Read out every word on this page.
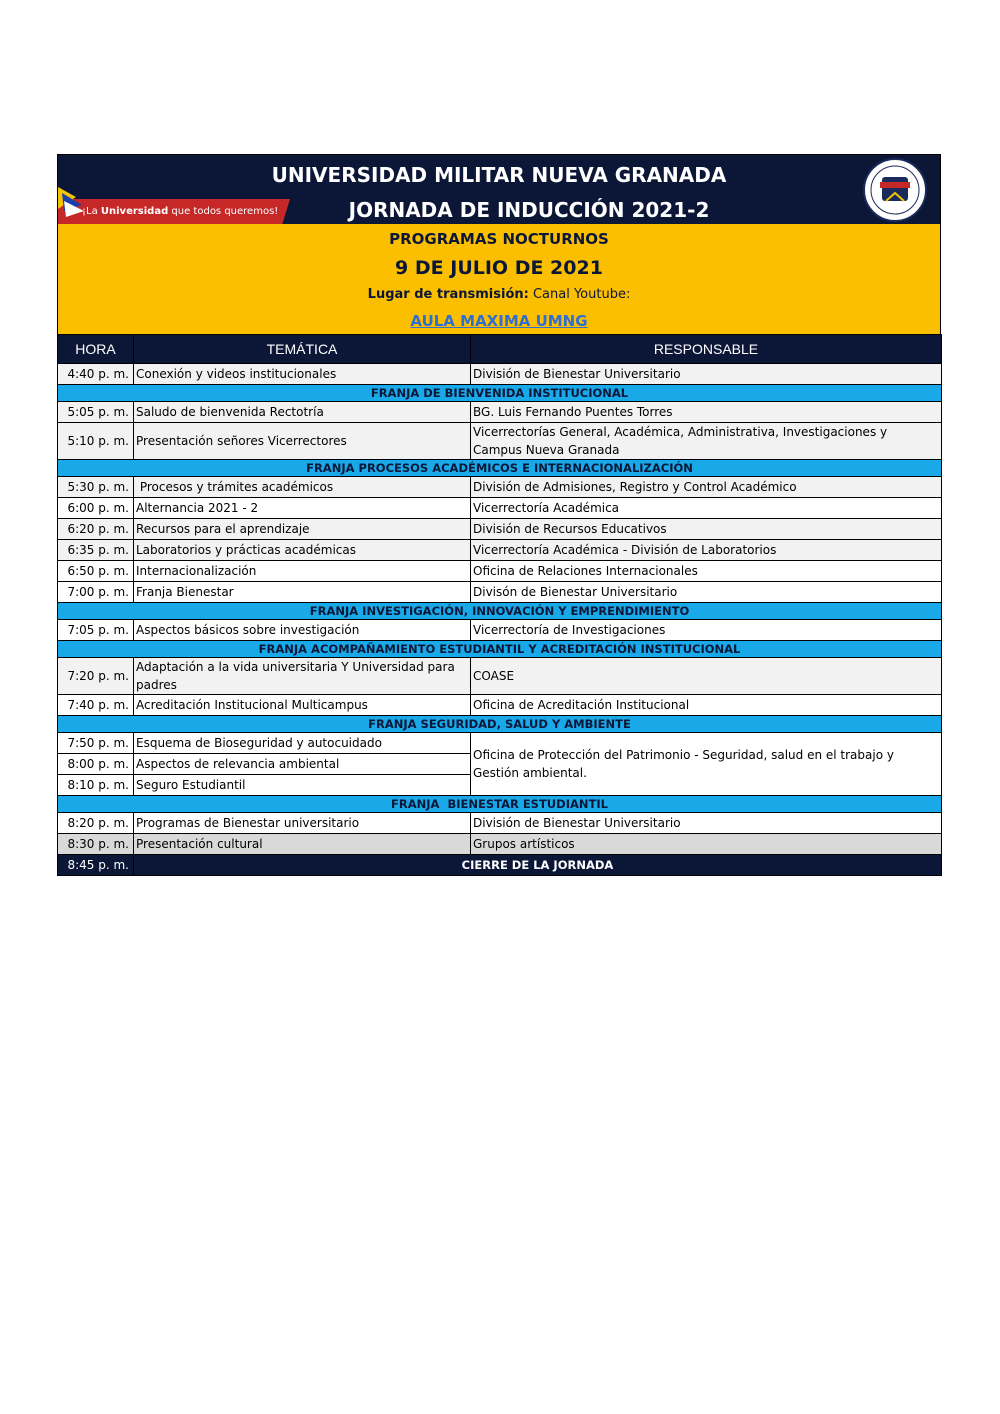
¡La Universidad que todos queremos!
UNIVERSIDAD MILITAR NUEVA GRANADA
JORNADA DE INDUCCIÓN 2021-2
PROGRAMAS NOCTURNOS
9 DE JULIO DE 2021
Lugar de transmisión: Canal Youtube:
AULA MAXIMA UMNG
HORA	TEMÁTICA	RESPONSABLE
4:40 p. m.	Conexión y videos institucionales	División de Bienestar Universitario
FRANJA DE BIENVENIDA INSTITUCIONAL		
5:05 p. m.	Saludo de bienvenida Rectotría	BG. Luis Fernando Puentes Torres
5:10 p. m.	Presentación señores Vicerrectores	Vicerrectorías General, Académica, Administrativa, Investigaciones y Campus Nueva Granada
FRANJA PROCESOS ACADÉMICOS E INTERNACIONALIZACIÓN		
5:30 p. m.	Procesos y trámites académicos	División de Admisiones, Registro y Control Académico
6:00 p. m.	Alternancia 2021 - 2	Vicerrectoría Académica
6:20 p. m.	Recursos para el aprendizaje	División de Recursos Educativos
6:35 p. m.	Laboratorios y prácticas académicas	Vicerrectoría Académica - División de Laboratorios
6:50 p. m.	Internacionalización	Oficina de Relaciones Internacionales
7:00 p. m.	Franja Bienestar	Divisón de Bienestar Universitario
FRANJA INVESTIGACIÓN, INNOVACIÓN Y EMPRENDIMIENTO		
7:05 p. m.	Aspectos básicos sobre investigación	Vicerrectoría de Investigaciones
FRANJA ACOMPAÑAMIENTO ESTUDIANTIL Y ACREDITACIÓN INSTITUCIONAL		
7:20 p. m.	Adaptación a la vida universitaria Y Universidad para padres	COASE
7:40 p. m.	Acreditación Institucional Multicampus	Oficina de Acreditación Institucional
FRANJA SEGURIDAD, SALUD Y AMBIENTE		
7:50 p. m.	Esquema de Bioseguridad y autocuidado	Oficina de Protección del Patrimonio - Seguridad, salud en el trabajo y Gestión ambiental.
8:00 p. m.	Aspectos de relevancia ambiental	
8:10 p. m.	Seguro Estudiantil	
FRANJA  BIENESTAR ESTUDIANTIL		
8:20 p. m.	Programas de Bienestar universitario	División de Bienestar Universitario
8:30 p. m.	Presentación cultural	Grupos artísticos
8:45 p. m.	CIERRE DE LA JORNADA	
